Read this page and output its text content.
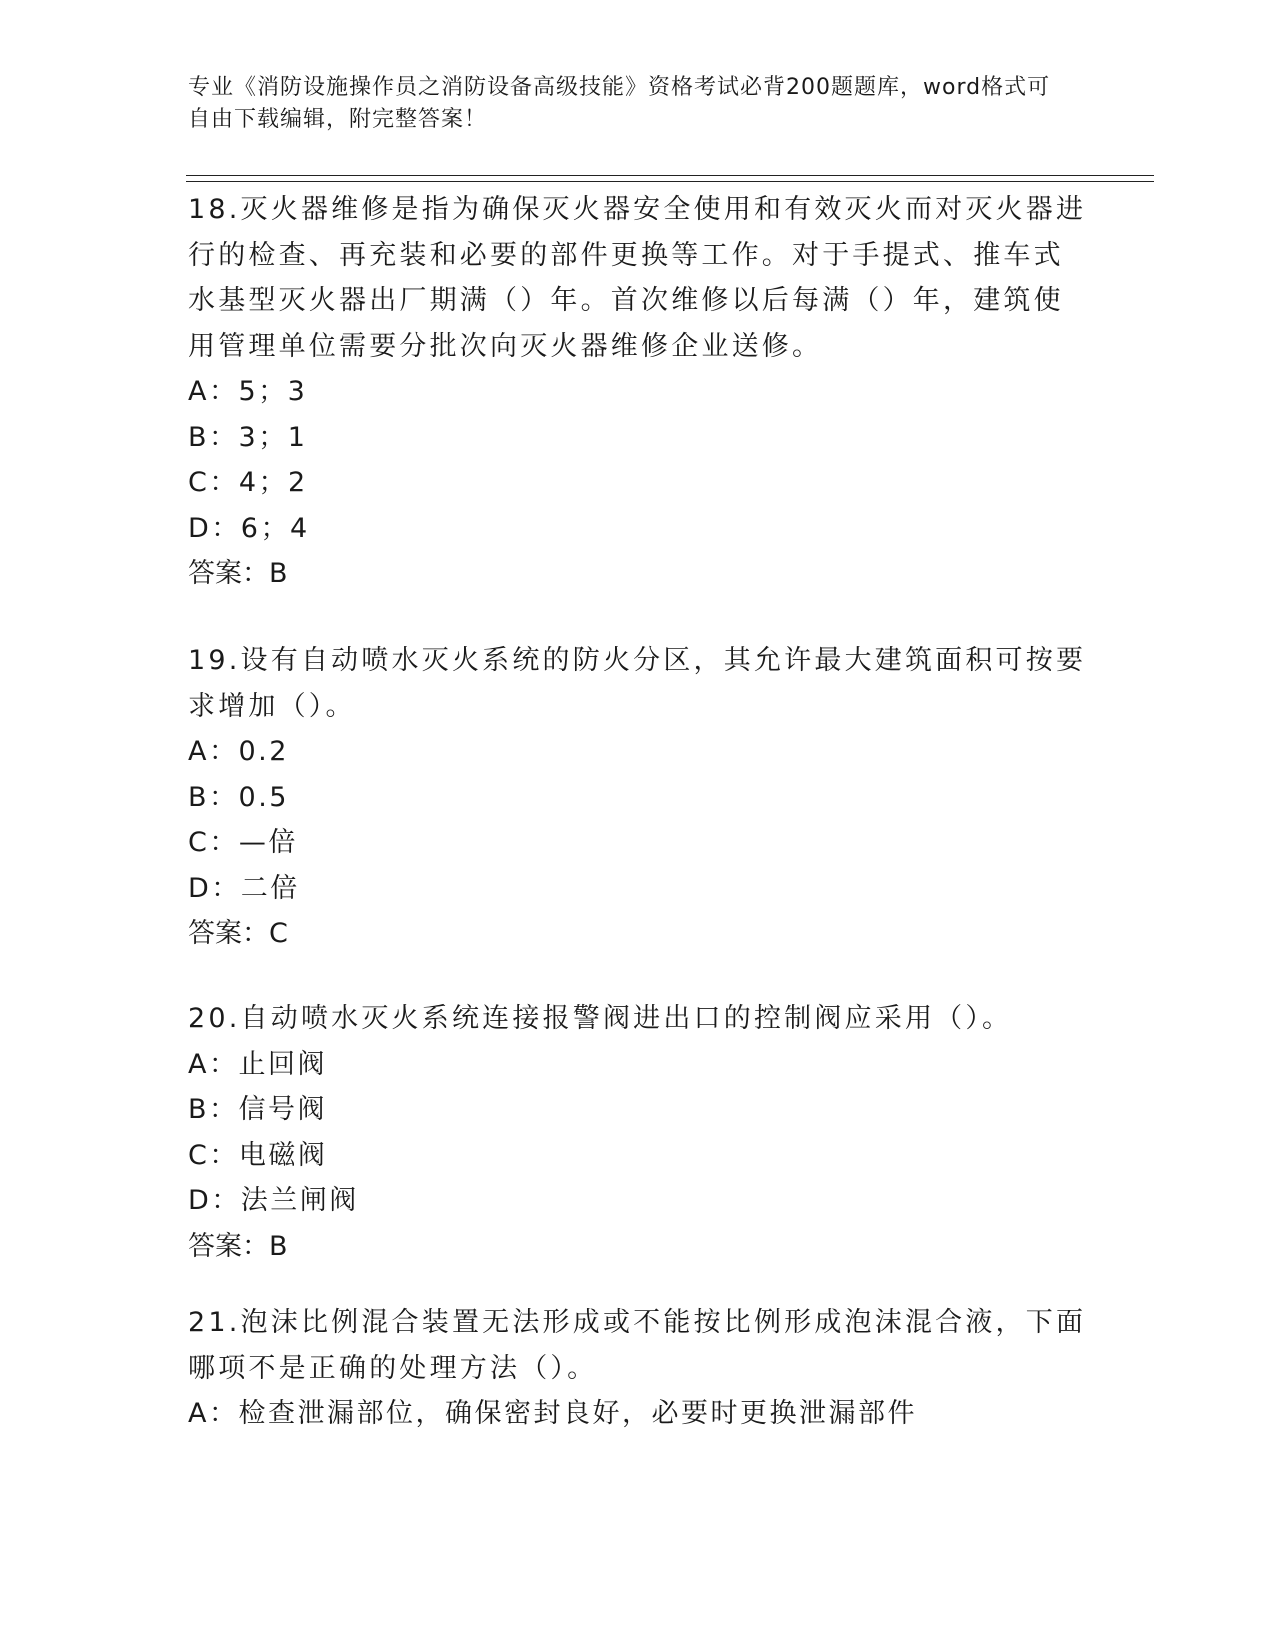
专业《消防设施操作员之消防设备高级技能》资格考试必背200题题库，word格式可自由下载编辑，附完整答案！

18.灭火器维修是指为确保灭火器安全使用和有效灭火而对灭火器进行的检查、再充装和必要的部件更换等工作。对于手提式、推车式水基型灭火器出厂期满（）年。首次维修以后每满（）年，建筑使用管理单位需要分批次向灭火器维修企业送修。

A：5；3

B：3；1

C：4；2

D：6；4

答案：B

19.设有自动喷水灭火系统的防火分区，其允许最大建筑面积可按要求增加（）。

A：0.2

B：0.5

C：—倍

D：二倍

答案：C

20.自动喷水灭火系统连接报警阀进出口的控制阀应采用（）。

A：止回阀

B：信号阀

C：电磁阀

D：法兰闸阀

答案：B

21.泡沫比例混合装置无法形成或不能按比例形成泡沫混合液，下面哪项不是正确的处理方法（）。

A：检查泄漏部位，确保密封良好，必要时更换泄漏部件
